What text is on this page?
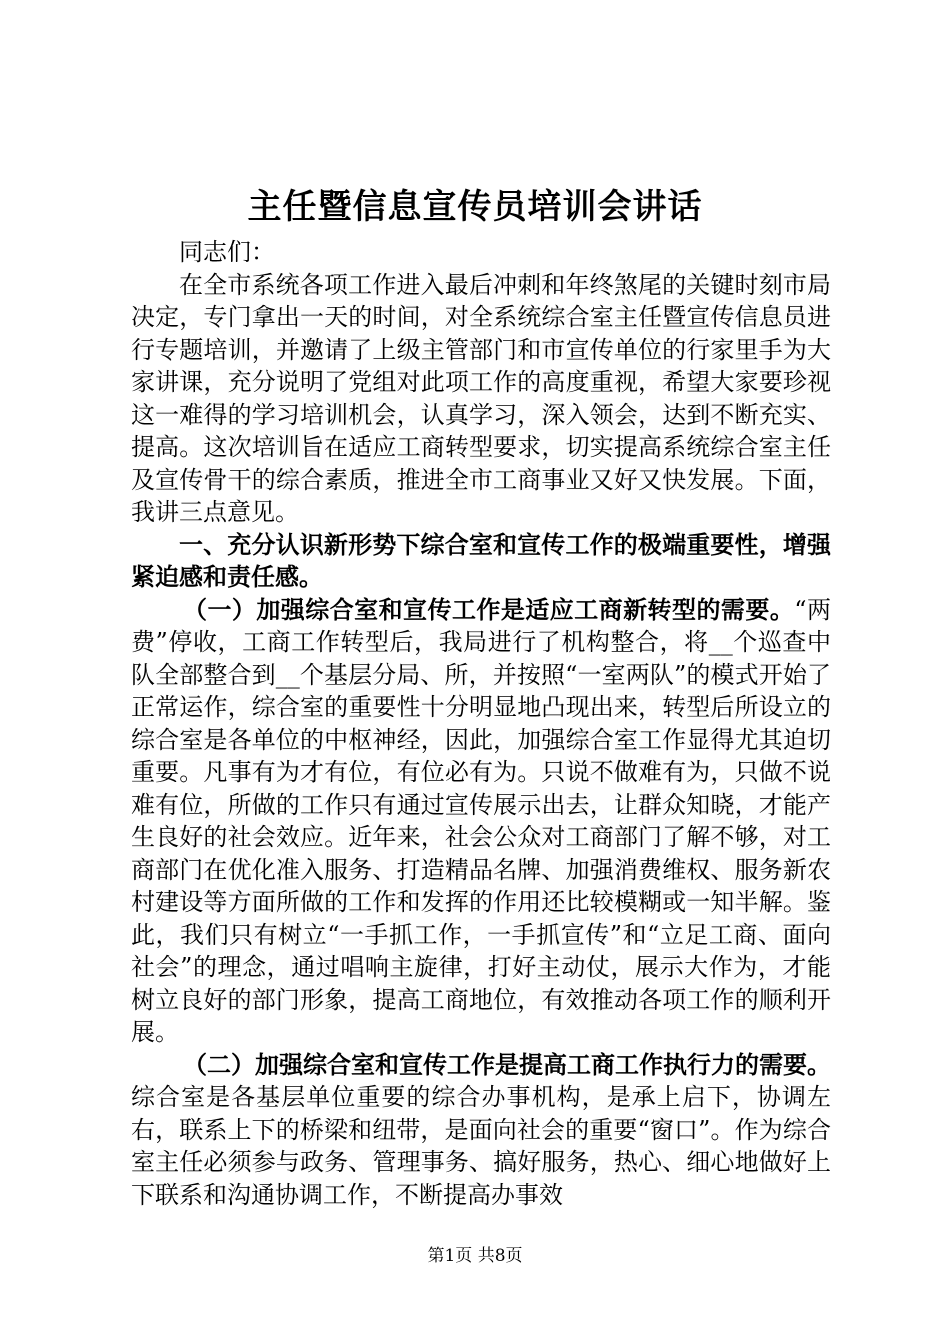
主任暨信息宣传员培训会讲话

同志们：

在全市系统各项工作进入最后冲刺和年终煞尾的关键时刻市局决定，专门拿出一天的时间，对全系统综合室主任暨宣传信息员进行专题培训，并邀请了上级主管部门和市宣传单位的行家里手为大家讲课，充分说明了党组对此项工作的高度重视，希望大家要珍视这一难得的学习培训机会，认真学习，深入领会，达到不断充实、提高。这次培训旨在适应工商转型要求，切实提高系统综合室主任及宣传骨干的综合素质，推进全市工商事业又好又快发展。下面，我讲三点意见。

一、充分认识新形势下综合室和宣传工作的极端重要性，增强紧迫感和责任感。

（一）加强综合室和宣传工作是适应工商新转型的需要。“两费”停收，工商工作转型后，我局进行了机构整合，将__个巡查中队全部整合到__个基层分局、所，并按照“一室两队”的模式开始了正常运作，综合室的重要性十分明显地凸现出来，转型后所设立的综合室是各单位的中枢神经，因此，加强综合室工作显得尤其迫切重要。凡事有为才有位，有位必有为。只说不做难有为，只做不说难有位，所做的工作只有通过宣传展示出去，让群众知晓，才能产生良好的社会效应。近年来，社会公众对工商部门了解不够，对工商部门在优化准入服务、打造精品名牌、加强消费维权、服务新农村建设等方面所做的工作和发挥的作用还比较模糊或一知半解。鉴此，我们只有树立“一手抓工作，一手抓宣传”和“立足工商、面向社会”的理念，通过唱响主旋律，打好主动仗，展示大作为，才能树立良好的部门形象，提高工商地位，有效推动各项工作的顺利开展。

（二）加强综合室和宣传工作是提高工商工作执行力的需要。综合室是各基层单位重要的综合办事机构，是承上启下，协调左右，联系上下的桥梁和纽带，是面向社会的重要“窗口”。作为综合室主任必须参与政务、管理事务、搞好服务，热心、细心地做好上下联系和沟通协调工作，不断提高办事效

第1页 共8页
